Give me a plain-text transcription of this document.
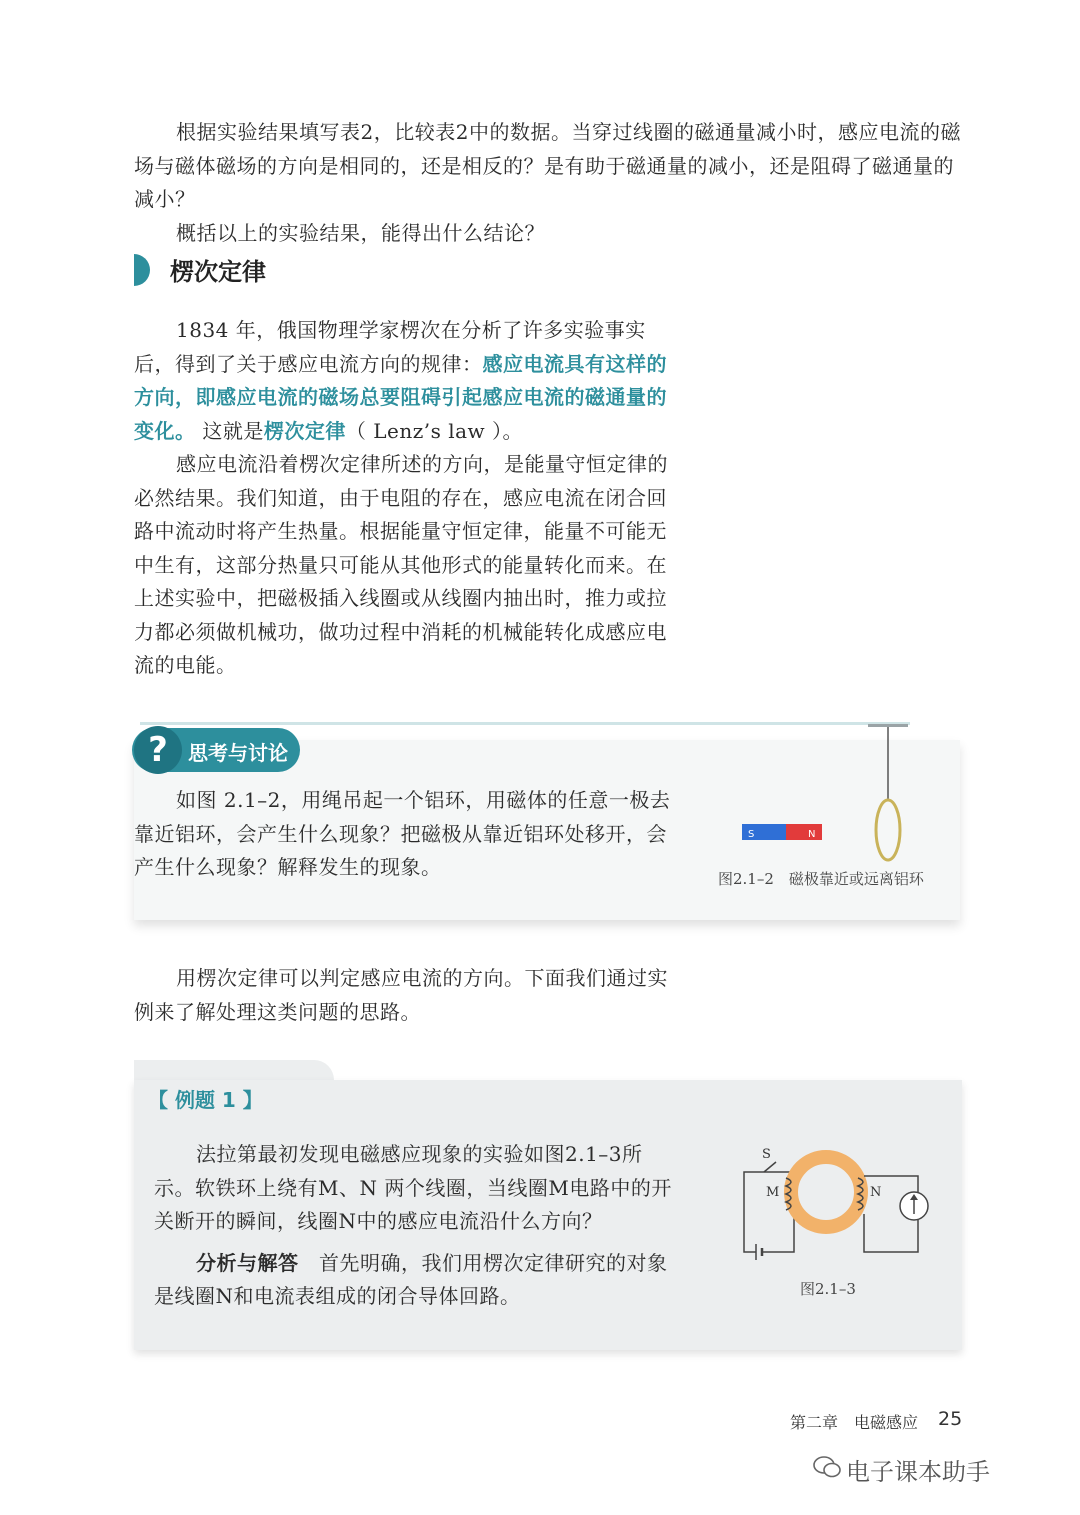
根据实验结果填写表2，比较表2中的数据。当穿过线圈的磁通量减小时，感应电流的磁场与磁体磁场的方向是相同的，还是相反的？是有助于磁通量的减小，还是阻碍了磁通量的减小？

概括以上的实验结果，能得出什么结论？

楞次定律

1834 年，俄国物理学家楞次在分析了许多实验事实后，得到了关于感应电流方向的规律：感应电流具有这样的方向，即感应电流的磁场总要阻碍引起感应电流的磁通量的变化。 这就是楞次定律（ Lenz’s law ）。

感应电流沿着楞次定律所述的方向，是能量守恒定律的必然结果。我们知道，由于电阻的存在，感应电流在闭合回路中流动时将产生热量。根据能量守恒定律，能量不可能无中生有，这部分热量只可能从其他形式的能量转化而来。在上述实验中，把磁极插入线圈或从线圈内抽出时，推力或拉力都必须做机械功，做功过程中消耗的机械能转化成感应电流的电能。

?	思考与讨论

如图 2.1–2，用绳吊起一个铝环，用磁体的任意一极去靠近铝环，会产生什么现象？把磁极从靠近铝环处移开，会产生什么现象？解释发生的现象。

S	N

图2.1–2　磁极靠近或远离铝环

用楞次定律可以判定感应电流的方向。下面我们通过实例来了解处理这类问题的思路。

【 例题 1 】

法拉第最初发现电磁感应现象的实验如图2.1–3所示。软铁环上绕有M、N 两个线圈，当线圈M电路中的开关断开的瞬间，线圈N中的感应电流沿什么方向？

分析与解答　首先明确，我们用楞次定律研究的对象是线圈N和电流表组成的闭合导体回路。

S
M	N

图2.1–3

第二章　电磁感应 25

电子课本助手
